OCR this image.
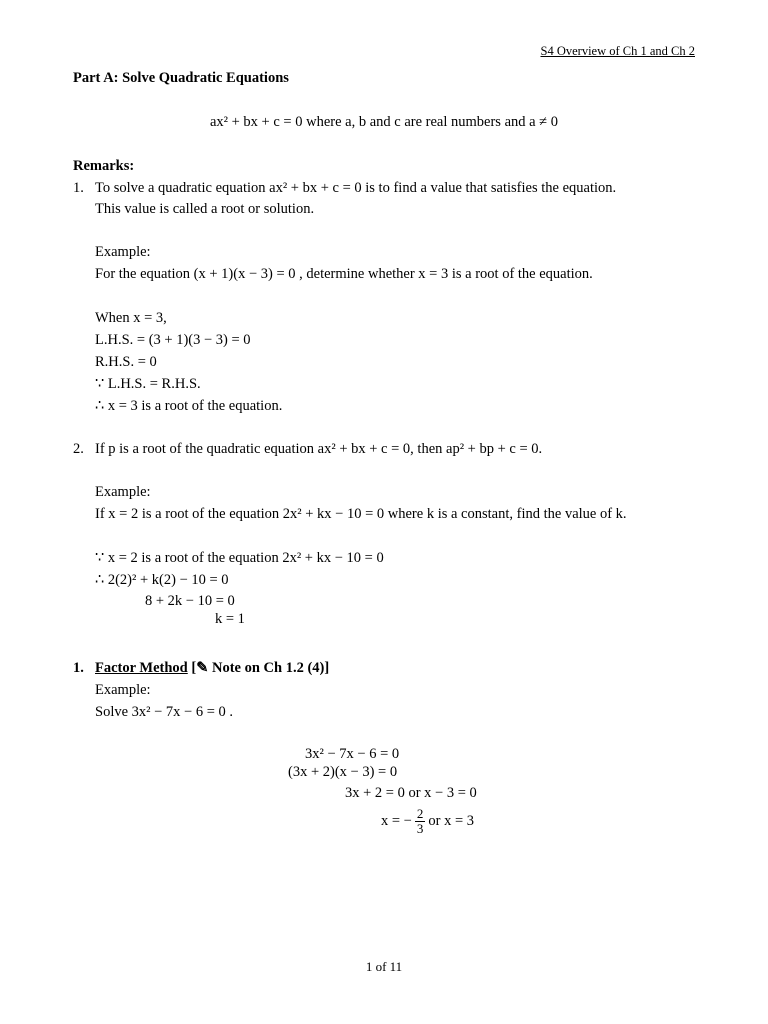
S4 Overview of Ch 1 and Ch 2
Part A: Solve Quadratic Equations
ax² + bx + c = 0 where a, b and c are real numbers and a ≠ 0
Remarks:
1. To solve a quadratic equation ax² + bx + c = 0 is to find a value that satisfies the equation.
This value is called a root or solution.
Example:
For the equation (x + 1)(x − 3) = 0 , determine whether x = 3 is a root of the equation.
When x = 3,
L.H.S. = (3 + 1)(3 − 3) = 0
R.H.S. = 0
∵ L.H.S. = R.H.S.
∴ x = 3 is a root of the equation.
2. If p is a root of the quadratic equation ax² + bx + c = 0, then ap² + bp + c = 0.
Example:
If x = 2 is a root of the equation 2x² + kx − 10 = 0 where k is a constant, find the value of k.
∵ x = 2 is a root of the equation 2x² + kx − 10 = 0
∴ 2(2)² + k(2) − 10 = 0
8 + 2k − 10 = 0
k = 1
1. Factor Method [✎ Note on Ch 1.2 (4)]
Example:
Solve 3x² − 7x − 6 = 0 .
3x² − 7x − 6 = 0
(3x + 2)(x − 3) = 0
3x + 2 = 0 or x − 3 = 0
x = − $\frac{2}{3}$ or x = 3
1 of 11
